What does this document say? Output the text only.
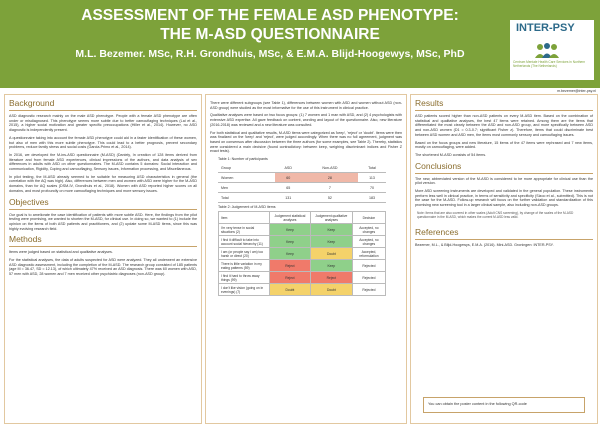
ASSESSMENT OF THE FEMALE ASD PHENOTYPE:
THE M-ASD QUESTIONNAIRE
M.L. Bezemer. MSc, R.H. Grondhuis, MSc, & E.M.A. Blijd-Hoogewys, MSc, PhD
INTER-PSY
Centrum Mentale Health Care Services in Northern Netherlands (The Netherlands)
m.bezemer@inter-psy.nl
Background
ASD diagnostic research mainly on the male ASD phenotype. People with a female ASD phenotype are often under or misdiagnosed. This phenotype seems more subtle due to better camouflaging techniques (Lai et al., 2015), a higher social motivation and greater specific preoccupations (Hiller et al., 2014). However, no ASD diagnostic is independently present.
A questionnaire taking into account the female ASD phenotype could aid in a faster identification of these women, but also of men with this more subtle phenotype. This could lead to a better prognosis, prevent secondary problems, reduce family stress and social costs (Garcia-Primo et al., 2014).
In 2016, we developed the M-ins-ASD questionnaire (M-ASD) (Daniely, In creation of 128 items derived from literature and from female ASD experiences, clinical impressions of the authors, and data analysis of sex differences in adults with ASD on other questionnaires. The M-ASD contains 5 domains: Social interaction and communication, Rigidity, Coping and camouflaging, Sensory issues, Information processing, and Miscellaneous.
In pilot testing, the M-ASD already seemed to be suitable for measuring ASD characteristics in general (the correlation with the AQ was high). Also, differences between men and women with ASD were higher for the M-ASD domains, than for AQ scales (DSM-IV, Grondhuis et al., 2018). Women with ASD reported higher scores on all domains, and most profoundly on more camouflaging techniques and more sensory issues.
Objectives
Our goal is to ameliorate the case identification of patients with more subtle ASD. Here, the findings from the pilot testing were promising, we wanted to shorten the M-ASD, for clinical use. In doing so, we wanted to (1) include the opinion on the items of both ASD patients and practitioners, and (2) update some M-ASD items, since this was highly evolving research field.
Methods
Items were judged based on statistical and qualitative analyses.
For the statistical analyses, the data of adults suspected for ASD were analyzed. They all underwent an extensive ASD diagnostic assessment, including the completion of the M-ASD. The research group consisted of 185 patients (age M = 36.47, SD = 12.13), of which ultimately 47% received an ASD diagnosis. There was 60 women with ASD, 57 men with ASD, 28 women and 7 men received other psychiatric diagnoses (non-ASD group).
There were different subgroups (see Table 1), differences between women with ASD and women without ASD (non-ASD group) were studied as the most informative for the use of this instrument in clinical practice.
Qualitative analyses were based on two focus groups: (1) 7 women and 1 man with ASD, and (2) 4 psychologists with extensive ASD expertise. All gave feedback on content, wording and layout of the questionnaire. Also, new literature (2016-2018) was reviewed and a new literature was consulted.
For both statistical and qualitative results, M-ASD items were categorized as 'keep', 'reject' or 'doubt'. Items were then was finalized on the 'keep' and 'reject', were judged accordingly. When there was no full agreement, judgment was based on consensus after discussion between the three authors (for some examples, see Table 2). Thereby, statistics were considered a main decisive (found contradictory: between keep, weighing discriminant indices and Fisher Z exact tests).
Table 1: Number of participants
Group	ASD	Non-ASD	Total
Women	60	28	113
Men	65	7	70
Total	131	52	183
Table 2: Judgement of M-ASD items
Item	Judgement statistical analyses	Judgement qualitative analyses	Decision
I'm very tense in social situations (2)	Keep	Keep	Accepted, no changes
I find it difficult to take into account social hierarchy (11)	Keep	Keep	Accepted, no changes
I am (or people say I am) too harsh or direct (20)	Keep	Doubt	Accepted, reformulation
There is little variation in my eating patterns (59)	Reject	Keep	Rejected
I find it hard to throw away things (99)	Reject	Reject	Rejected
I don't like vision (going on in evenings) (7)	Doubt	Doubt	Rejected
Results
ASD patients scored higher than non-ASD patients on every M-ASD item. Based on the combination of statistical and qualitative analyses, the best 47 items were retained. Among them are the items that differentiated the most clearly between the ASD and non-ASD group, and more specifically between ASD and non-ASD women (D1 = 0.3-0.7; significant Fisher z). Therefore, items that could discriminate best between ASD women and ASD men, the items most commonly sensory and camouflaging issues.
Based on the focus groups and new literature, 15 items of the 47 items were rephrased and 7 new items, mostly on camouflaging, were added.
The shortened M-ASD consists of 54 items.
Conclusions
The new, abbreviated version of the M-ASD is considered to be more appropriate for clinical use than the pilot version.
More ASD screening instruments are developed and validated in the general population. These instruments perform less well in clinical practice, in terms of sensitivity and specificity (Sizoo et al., submitted). This is not the case for the M-ASD. Follow-up research will focus on the further validation and standardization of this promising new screening tool in a larger clinical sample, also including non-ASD groups.
Note: Items that are also covered in other scales (Adult CNS screening), by change of the scales of the M-ASD questionnaire in the M-ASD, which makes the current M-ASD less valid.
References
Bezemer, M.L., & Blijd-Hoogewys, E.M.A. (2016). Mini-ASD. Groningen: INTER-PSY.
You can obtain the poster content in the following QR-code
